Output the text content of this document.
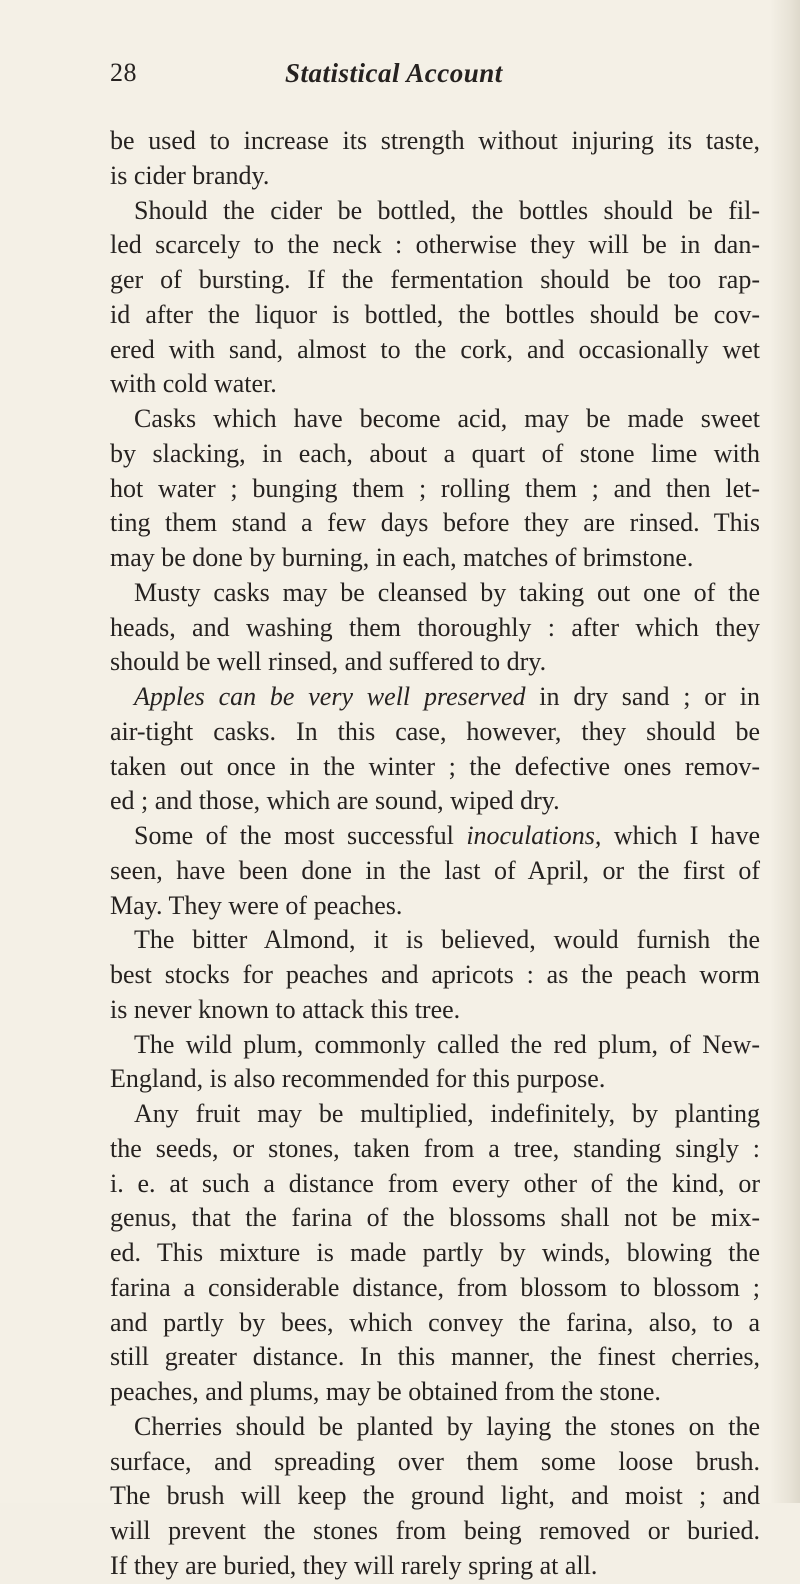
28	Statistical Account
be used to increase its strength without injuring its taste,
is cider brandy.
Should the cider be bottled, the bottles should be fil-
led scarcely to the neck : otherwise they will be in dan-
ger of bursting. If the fermentation should be too rap-
id after the liquor is bottled, the bottles should be cov-
ered with sand, almost to the cork, and occasionally wet
with cold water.
Casks which have become acid, may be made sweet
by slacking, in each, about a quart of stone lime with
hot water ; bunging them ; rolling them ; and then let-
ting them stand a few days before they are rinsed. This
may be done by burning, in each, matches of brimstone.
Musty casks may be cleansed by taking out one of the
heads, and washing them thoroughly : after which they
should be well rinsed, and suffered to dry.
Apples can be very well preserved in dry sand ; or in
air-tight casks. In this case, however, they should be
taken out once in the winter ; the defective ones remov-
ed ; and those, which are sound, wiped dry.
Some of the most successful inoculations, which I have
seen, have been done in the last of April, or the first of
May. They were of peaches.
The bitter Almond, it is believed, would furnish the
best stocks for peaches and apricots : as the peach worm
is never known to attack this tree.
The wild plum, commonly called the red plum, of New-
England, is also recommended for this purpose.
Any fruit may be multiplied, indefinitely, by planting
the seeds, or stones, taken from a tree, standing singly :
i. e. at such a distance from every other of the kind, or
genus, that the farina of the blossoms shall not be mix-
ed. This mixture is made partly by winds, blowing the
farina a considerable distance, from blossom to blossom ;
and partly by bees, which convey the farina, also, to a
still greater distance. In this manner, the finest cherries,
peaches, and plums, may be obtained from the stone.
Cherries should be planted by laying the stones on the
surface, and spreading over them some loose brush.
The brush will keep the ground light, and moist ; and
will prevent the stones from being removed or buried.
If they are buried, they will rarely spring at all.
